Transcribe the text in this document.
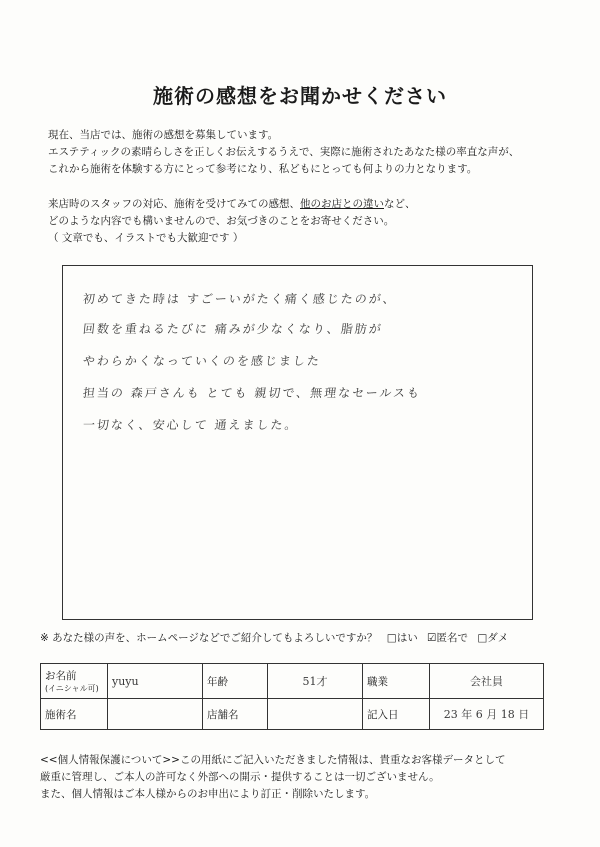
施術の感想をお聞かせください
現在、当店では、施術の感想を募集しています。
エステティックの素晴らしさを正しくお伝えするうえで、実際に施術されたあなた様の率直な声が、
これから施術を体験する方にとって参考になり、私どもにとっても何よりの力となります。
来店時のスタッフの対応、施術を受けてみての感想、他のお店との違いなど、
どのような内容でも構いませんので、お気づきのことをお寄せください。
（ 文章でも、イラストでも大歓迎です ）
初めてきた時は すごーいがたく痛く感じたのが、
回数を重ねるたびに 痛みが少なくなり、脂肪が
やわらかくなっていくのを感じました
担当の 森戸さんも とても 親切で、無理なセールスも
一切なく、安心して 通えました。
※ あなた様の声を、ホームページなどでご紹介してもよろしいですか？ □はい ☑匿名で □ダメ
お名前
(イニシャル可)	yuyu	年齢	51才	職業	会社員
施術名		店舗名		記入日	23 年 6 月 18 日
<<個人情報保護について>>この用紙にご記入いただきました情報は、貴重なお客様データとして
厳重に管理し、ご本人の許可なく外部への開示・提供することは一切ございません。
また、個人情報はご本人様からのお申出により訂正・削除いたします。
